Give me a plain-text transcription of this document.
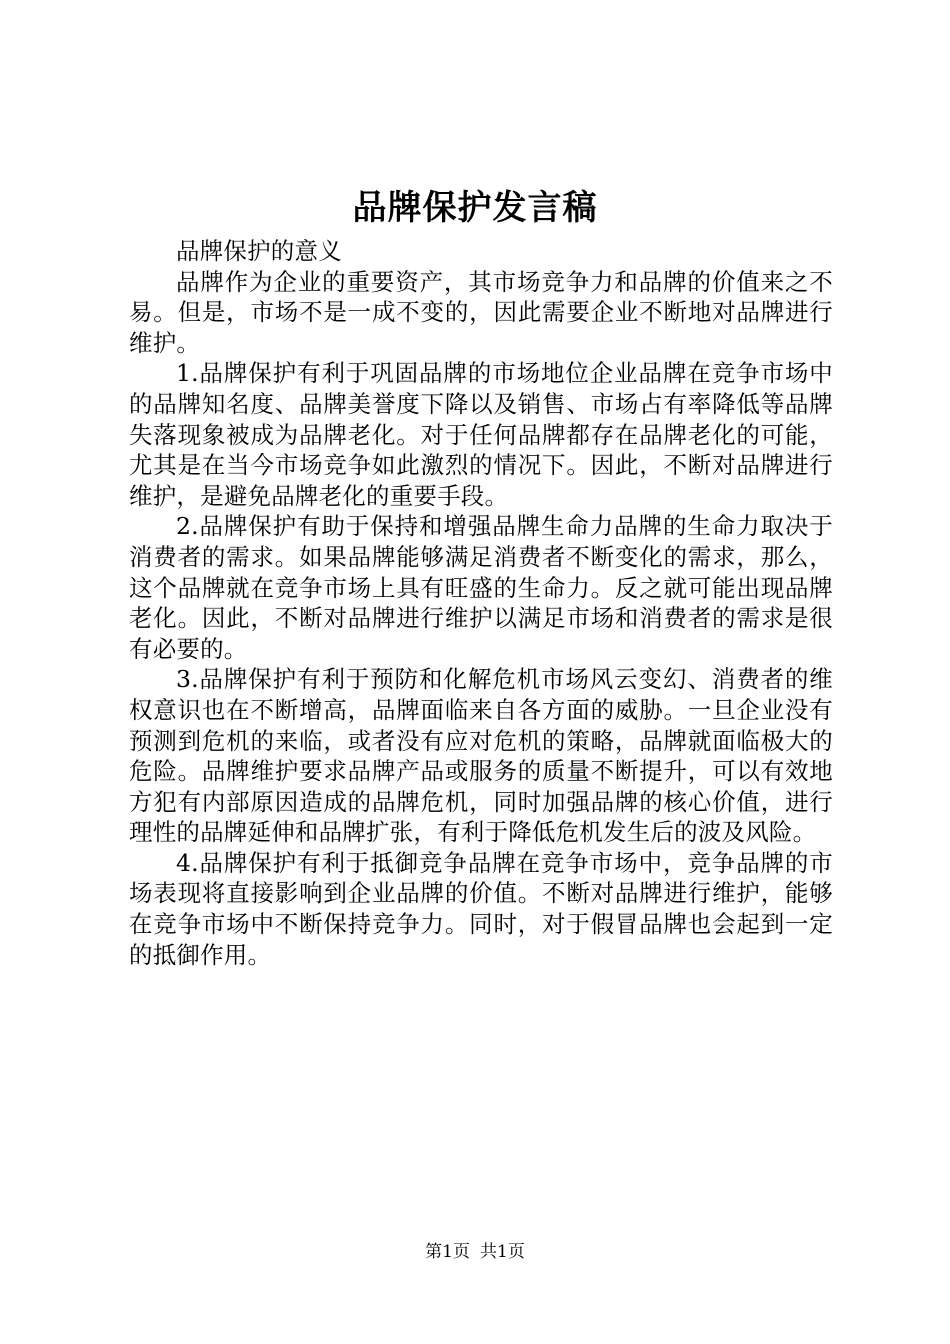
品牌保护发言稿

品牌保护的意义

品牌作为企业的重要资产，其市场竞争力和品牌的价值来之不易。但是，市场不是一成不变的，因此需要企业不断地对品牌进行维护。

1.品牌保护有利于巩固品牌的市场地位企业品牌在竞争市场中的品牌知名度、品牌美誉度下降以及销售、市场占有率降低等品牌失落现象被成为品牌老化。对于任何品牌都存在品牌老化的可能，尤其是在当今市场竞争如此激烈的情况下。因此，不断对品牌进行维护，是避免品牌老化的重要手段。

2.品牌保护有助于保持和增强品牌生命力品牌的生命力取决于消费者的需求。如果品牌能够满足消费者不断变化的需求，那么，这个品牌就在竞争市场上具有旺盛的生命力。反之就可能出现品牌老化。因此，不断对品牌进行维护以满足市场和消费者的需求是很有必要的。

3.品牌保护有利于预防和化解危机市场风云变幻、消费者的维权意识也在不断增高，品牌面临来自各方面的威胁。一旦企业没有预测到危机的来临，或者没有应对危机的策略，品牌就面临极大的危险。品牌维护要求品牌产品或服务的质量不断提升，可以有效地方犯有内部原因造成的品牌危机，同时加强品牌的核心价值，进行理性的品牌延伸和品牌扩张，有利于降低危机发生后的波及风险。

4.品牌保护有利于抵御竞争品牌在竞争市场中，竞争品牌的市场表现将直接影响到企业品牌的价值。不断对品牌进行维护，能够在竞争市场中不断保持竞争力。同时，对于假冒品牌也会起到一定的抵御作用。

第1页 共1页
